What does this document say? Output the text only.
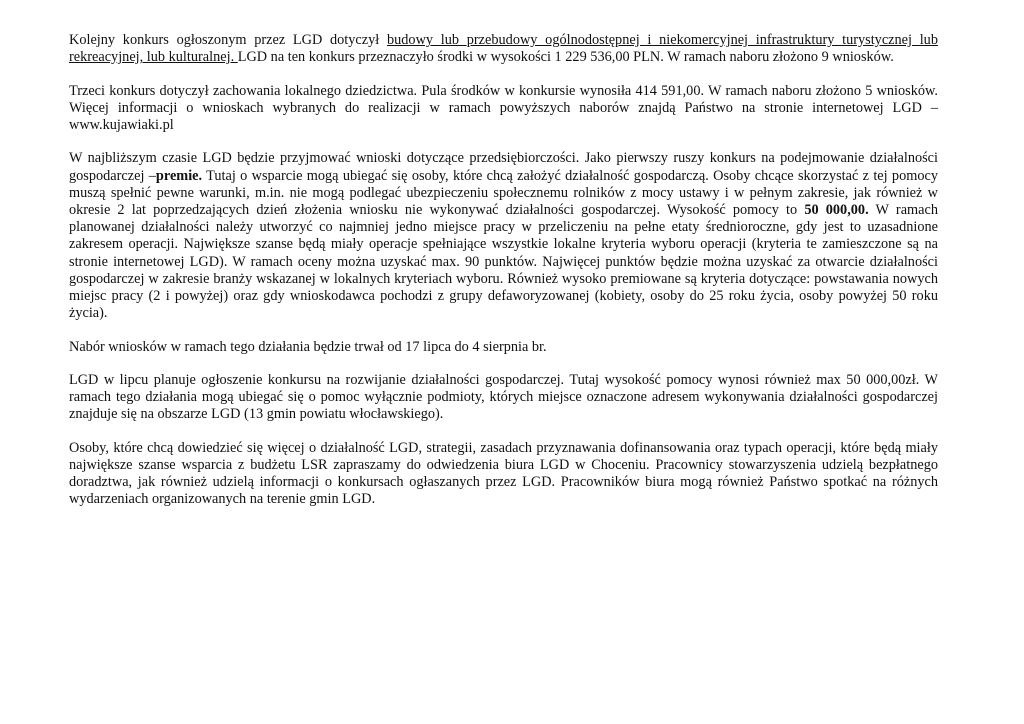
Kolejny konkurs ogłoszonym przez LGD dotyczył budowy lub przebudowy ogólnodostępnej i niekomercyjnej infrastruktury turystycznej lub rekreacyjnej, lub kulturalnej. LGD na ten konkurs przeznaczyło środki w wysokości 1 229 536,00 PLN. W ramach naboru złożono 9 wniosków.

Trzeci konkurs dotyczył zachowania lokalnego dziedzictwa. Pula środków w konkursie wynosiła 414 591,00. W ramach naboru złożono 5 wniosków. Więcej informacji o wnioskach wybranych do realizacji w ramach powyższych naborów znajdą Państwo na stronie internetowej LGD – www.kujawiaki.pl

W najbliższym czasie LGD będzie przyjmować wnioski dotyczące przedsiębiorczości. Jako pierwszy ruszy konkurs na podejmowanie działalności gospodarczej –premie. Tutaj o wsparcie mogą ubiegać się osoby, które chcą założyć działalność gospodarczą. Osoby chcące skorzystać z tej pomocy muszą spełnić pewne warunki, m.in. nie mogą podlegać ubezpieczeniu społecznemu rolników z mocy ustawy i w pełnym zakresie, jak również w okresie 2 lat poprzedzających dzień złożenia wniosku nie wykonywać działalności gospodarczej. Wysokość pomocy to 50 000,00. W ramach planowanej działalności należy utworzyć co najmniej jedno miejsce pracy w przeliczeniu na pełne etaty średnioroczne, gdy jest to uzasadnione zakresem operacji. Największe szanse będą miały operacje spełniające wszystkie lokalne kryteria wyboru operacji (kryteria te zamieszczone są na stronie internetowej LGD). W ramach oceny można uzyskać max. 90 punktów. Najwięcej punktów będzie można uzyskać za otwarcie działalności gospodarczej w zakresie branży wskazanej w lokalnych kryteriach wyboru. Również wysoko premiowane są kryteria dotyczące: powstawania nowych miejsc pracy (2 i powyżej) oraz gdy wnioskodawca pochodzi z grupy defaworyzowanej (kobiety, osoby do 25 roku życia, osoby powyżej 50 roku życia).

Nabór wniosków w ramach tego działania będzie trwał od 17 lipca do 4 sierpnia br.

LGD w lipcu planuje ogłoszenie konkursu na rozwijanie działalności gospodarczej. Tutaj wysokość pomocy wynosi również max 50 000,00zł. W ramach tego działania mogą ubiegać się o pomoc wyłącznie podmioty, których miejsce oznaczone adresem wykonywania działalności gospodarczej znajduje się na obszarze LGD (13 gmin powiatu włocławskiego).

Osoby, które chcą dowiedzieć się więcej o działalność LGD, strategii, zasadach przyznawania dofinansowania oraz typach operacji, które będą miały największe szanse wsparcia z budżetu LSR zapraszamy do odwiedzenia biura LGD w Choceniu. Pracownicy stowarzyszenia udzielą bezpłatnego doradztwa, jak również udzielą informacji o konkursach ogłaszanych przez LGD. Pracowników biura mogą również Państwo spotkać na różnych wydarzeniach organizowanych na terenie gmin LGD.
